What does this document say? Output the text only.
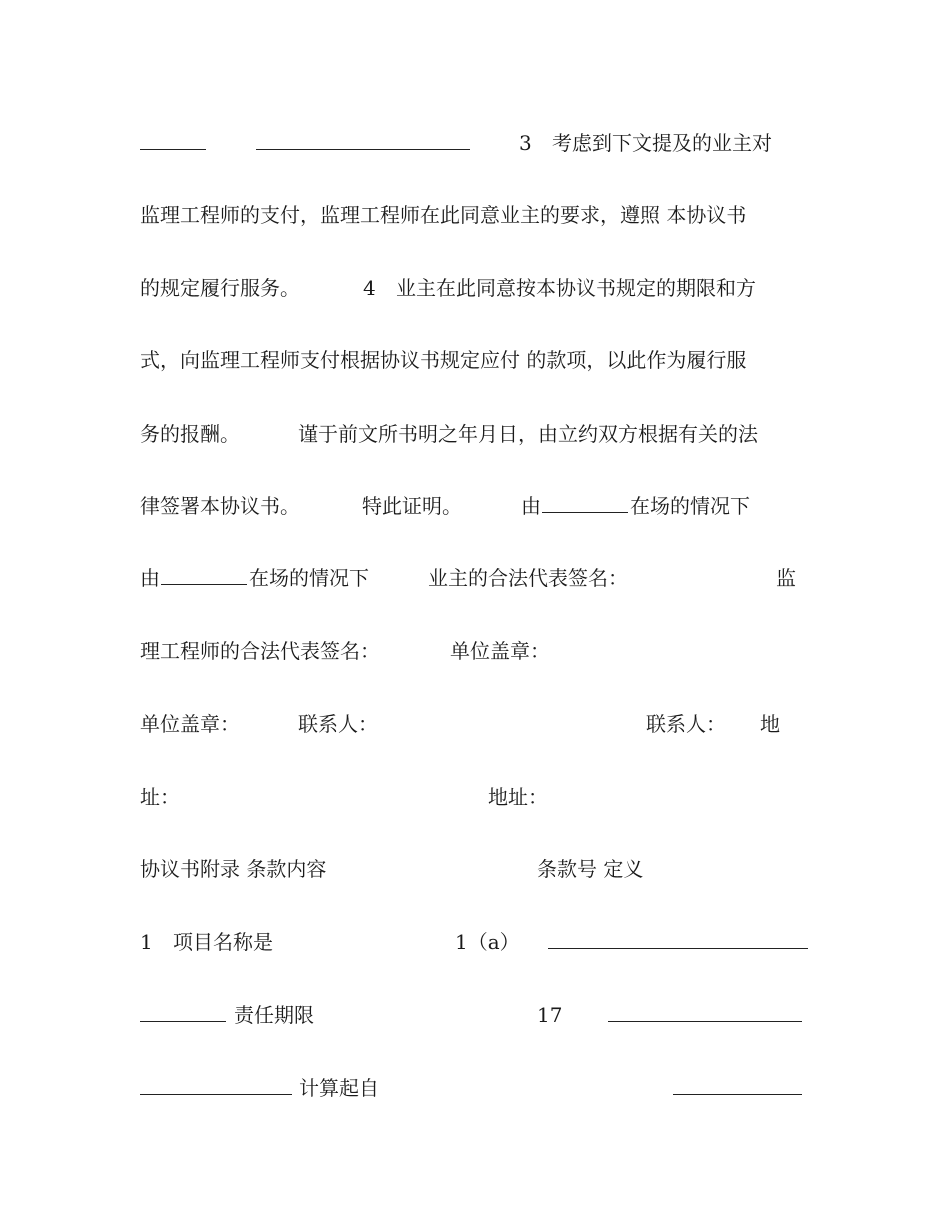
3 考虑到下文提及的业主对
监理工程师的支付，监理工程师在此同意业主的要求，遵照 本协议书
的规定履行服务。	4 业主在此同意按本协议书规定的期限和方
式，向监理工程师支付根据协议书规定应付 的款项，以此作为履行服
务的报酬。	谨于前文所书明之年月日，由立约双方根据有关的法
律签署本协议书。	特此证明。	由	在场的情况下
由	在场的情况下	业主的合法代表签名：	监
理工程师的合法代表签名：	单位盖章：
单位盖章：	联系人：	联系人： 地
址：	地址：
协议书附录 条款内容	条款号 定义
1 项目名称是	1（a）
责任期限	17
计算起自
